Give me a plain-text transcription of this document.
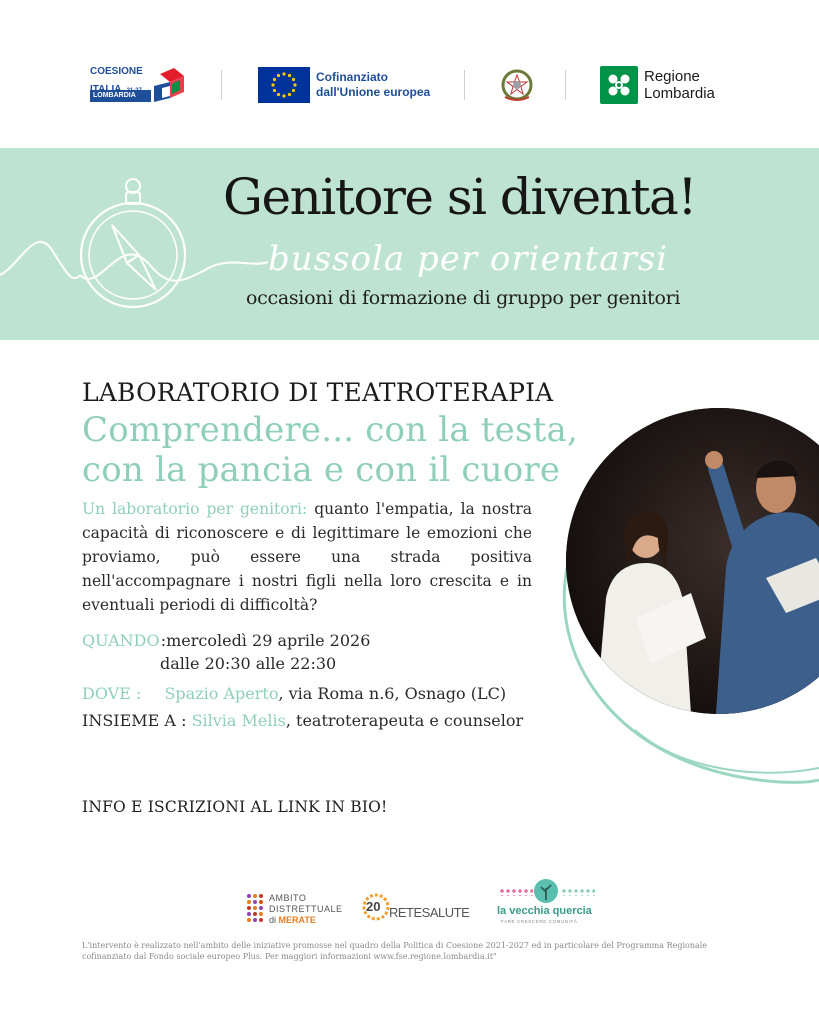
COESIONE
LOMBARDIA
Cofinanziato
dall'Unione europea
Regione
Lombardia
Genitore si diventa!
bussola per orientarsi
occasioni di formazione di gruppo per genitori
LABORATORIO DI TEATROTERAPIA
Comprendere... con la testa,
con la pancia e con il cuore
Un laboratorio per genitori: quanto l'empatia, la nostra capacità di riconoscere e di legittimare le emozioni che proviamo, può essere una strada positiva nell'accompagnare i nostri figli nella loro crescita e in eventuali periodi di difficoltà?
QUANDO :mercoledì 29 aprile 2026
dalle 20:30 alle 22:30
DOVE : Spazio Aperto, via Roma n.6, Osnago (LC)
INSIEME A : Silvia Melis, teatroterapeuta e counselor
INFO E ISCRIZIONI AL LINK IN BIO!
AMBITO
DISTRETTUALE
di MERATE
20 RETESALUTE	la vecchia quercia
FARE CRESCERE COMUNITÀ
L'intervento è realizzato nell'ambito delle iniziative promosse nel quadro della Politica di Coesione 2021-2027 ed in particolare del Programma Regionale cofinanziato dal Fondo sociale europeo Plus. Per maggiori informazioni www.fse.regione.lombardia.it"
